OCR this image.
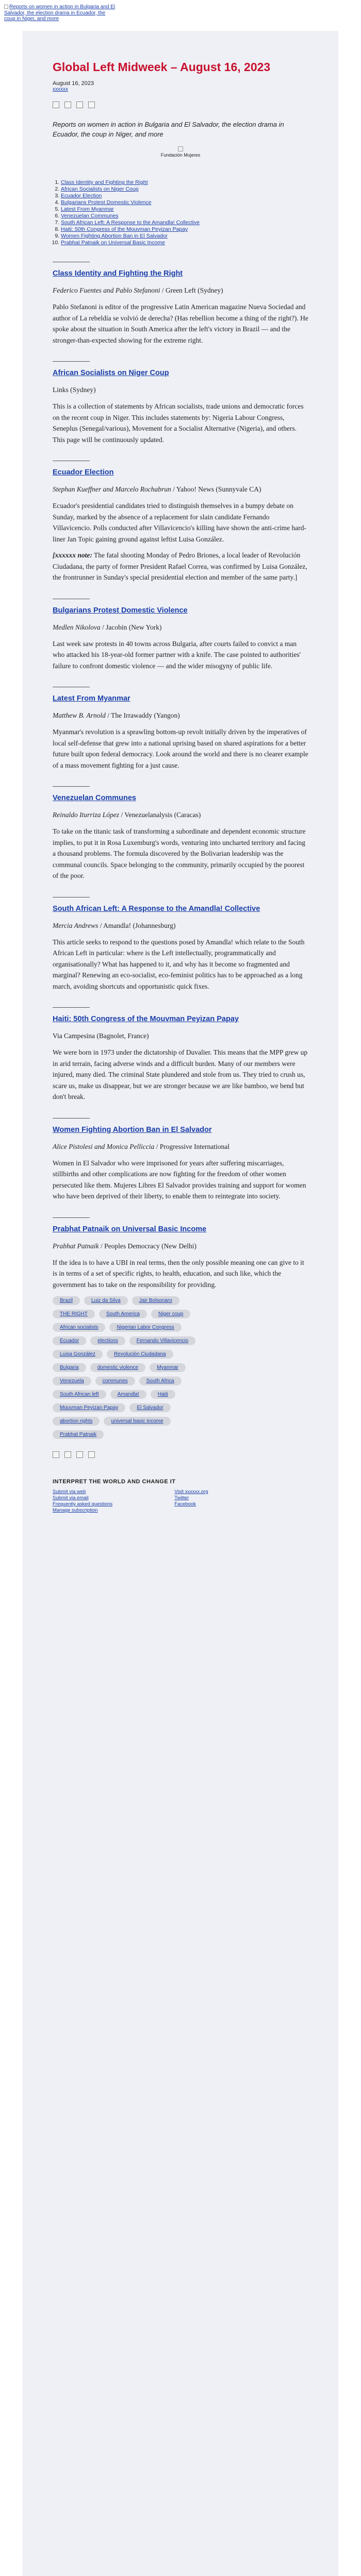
Reports on women in action in Bulgaria and El Salvador, the election drama in Ecuador, the coup in Niger, and more
Global Left Midweek – August 16, 2023
August 16, 2023
xxxxxx
Reports on women in action in Bulgaria and El Salvador, the election drama in Ecuador, the coup in Niger, and more

Fundación Mujeres
1. Class Identity and Fighting the Right
2. African Socialists on Niger Coup
3. Ecuador Election
4. Bulgarians Protest Domestic Violence
5. Latest From Myanmar
6. Venezuelan Communes
7. South African Left: A Response to the Amandla! Collective
8. Haiti: 50th Congress of the Mouvman Peyizan Papay
9. Women Fighting Abortion Ban in El Salvador
10. Prabhat Patnaik on Universal Basic Income
Class Identity and Fighting the Right
Federico Fuentes and Pablo Stefanoni / Green Left (Sydney)

Pablo Stefanoni is editor of the progressive Latin American magazine Nueva Sociedad and author of La rebeldía se volvió de derecha? (Has rebellion become a thing of the right?). He spoke about the situation in South America after the left's victory in Brazil — and the stronger-than-expected showing for the extreme right.

African Socialists on Niger Coup
Links (Sydney)

This is a collection of statements by African socialists, trade unions and democratic forces on the recent coup in Niger. This includes statements by: Nigeria Labour Congress, Seneplus (Senegal/various), Movement for a Socialist Alternative (Nigeria), and others. This page will be continuously updated.

Ecuador Election
Stephan Kueffner and Marcelo Rochabrun / Yahoo! News (Sunnyvale CA)

Ecuador's presidential candidates tried to distinguish themselves in a bumpy debate on Sunday, marked by the absence of a replacement for slain candidate Fernando Villavicencio. Polls conducted after Villavicencio's killing have shown the anti-crime hard-liner Jan Topic gaining ground against leftist Luisa González.

[xxxxxx note: The fatal shooting Monday of Pedro Briones, a local leader of Revolución Ciudadana, the party of former President Rafael Correa, was confirmed by Luisa González, the frontrunner in Sunday's special presidential election and member of the same party.]

Bulgarians Protest Domestic Violence
Medlen Nikolova / Jacobin (New York)

Last week saw protests in 40 towns across Bulgaria, after courts failed to convict a man who attacked his 18-year-old former partner with a knife. The case pointed to authorities' failure to confront domestic violence — and the wider misogyny of public life.

Latest From Myanmar
Matthew B. Arnold / The Irrawaddy (Yangon)

Myanmar's revolution is a sprawling bottom-up revolt initially driven by the imperatives of local self-defense that grew into a national uprising based on shared aspirations for a better future built upon federal democracy. Look around the world and there is no clearer example of a mass movement fighting for a just cause.

Venezuelan Communes
Reinaldo Iturriza López / Venezuelanalysis (Caracas)

To take on the titanic task of transforming a subordinate and dependent economic structure implies, to put it in Rosa Luxemburg's words, venturing into uncharted territory and facing a thousand problems. The formula discovered by the Bolivarian leadership was the communal councils. Space belonging to the community, primarily occupied by the poorest of the poor.

South African Left: A Response to the Amandla! Collective
Mercia Andrews / Amandla! (Johannesburg)

This article seeks to respond to the questions posed by Amandla! which relate to the South African Left in particular: where is the Left intellectually, programmatically and organisationally? What has happened to it, and why has it become so fragmented and marginal? Renewing an eco-socialist, eco-feminist politics has to be approached as a long march, avoiding shortcuts and opportunistic quick fixes.

Haiti: 50th Congress of the Mouvman Peyizan Papay
Via Campesina (Bagnolet, France)

We were born in 1973 under the dictatorship of Duvalier. This means that the MPP grew up in arid terrain, facing adverse winds and a difficult burden. Many of our members were injured, many died. The criminal State plundered and stole from us. They tried to crush us, scare us, make us disappear, but we are stronger because we are like bamboo, we bend but don't break.

Women Fighting Abortion Ban in El Salvador
Alice Pistolesi and Monica Pelliccia / Progressive International

Women in El Salvador who were imprisoned for years after suffering miscarriages, stillbirths and other complications are now fighting for the freedom of other women persecuted like them. Mujeres Libres El Salvador provides training and support for women who have been deprived of their liberty, to enable them to reintegrate into society.

Prabhat Patnaik on Universal Basic Income
Prabhat Patnaik / Peoples Democracy (New Delhi)

If the idea is to have a UBI in real terms, then the only possible meaning one can give to it is in terms of a set of specific rights, to health, education, and such like, which the government has to take on the responsibility for providing.

Brazil	Luiz da Silva	Jair Bolsonaro
THE RIGHT	South America	Niger coup
African socialists	Nigerian Labor Congress
Ecuador	elections	Fernando Villavicencio
Luisa González	Revolución Ciudadana
Bulgaria	domestic violence	Myanmar
Venezuela	communes	South Africa
South African left	Amandla!	Haiti
Mouvman Peyizan Papay	El Salvador
abortion rights	universal basic income
Prabhat Patnaik
INTERPRET THE WORLD AND CHANGE IT
Submit via web
Submit via email
Frequently asked questions
Manage subscription
Visit xxxxxx.org
Twitter
Facebook
